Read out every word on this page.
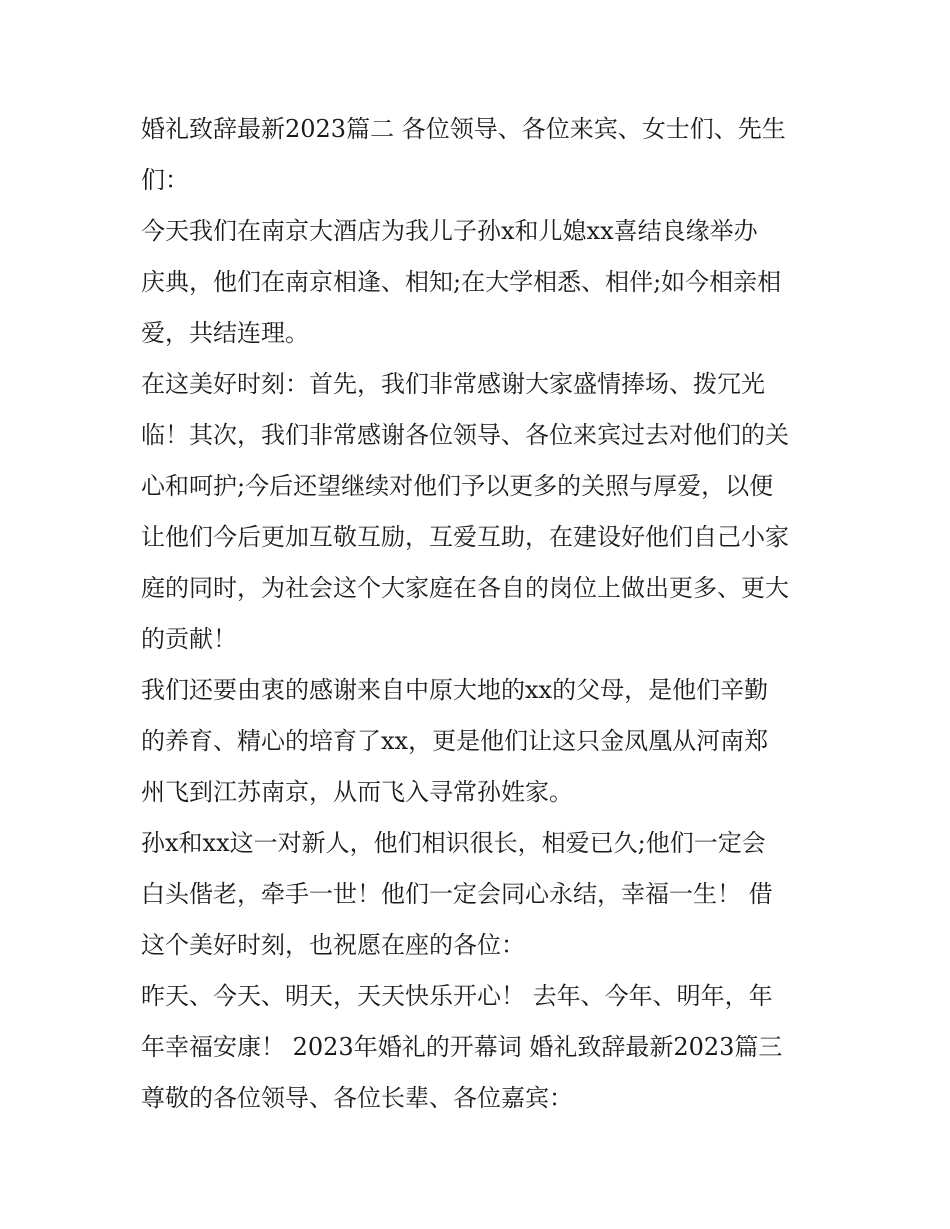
婚礼致辞最新2023篇二 各位领导、各位来宾、女士们、先生
们：
今天我们在南京大酒店为我儿子孙x和儿媳xx喜结良缘举办
庆典，他们在南京相逢、相知;在大学相悉、相伴;如今相亲相
爱，共结连理。
在这美好时刻：首先，我们非常感谢大家盛情捧场、拨冗光
临！其次，我们非常感谢各位领导、各位来宾过去对他们的关
心和呵护;今后还望继续对他们予以更多的关照与厚爱，以便
让他们今后更加互敬互励，互爱互助，在建设好他们自己小家
庭的同时，为社会这个大家庭在各自的岗位上做出更多、更大
的贡献！
我们还要由衷的感谢来自中原大地的xx的父母，是他们辛勤
的养育、精心的培育了xx，更是他们让这只金凤凰从河南郑
州飞到江苏南京，从而飞入寻常孙姓家。
孙x和xx这一对新人，他们相识很长，相爱已久;他们一定会
白头偕老，牵手一世！他们一定会同心永结，幸福一生！ 借
这个美好时刻，也祝愿在座的各位：
昨天、今天、明天，天天快乐开心！ 去年、今年、明年，年
年幸福安康！ 2023年婚礼的开幕词 婚礼致辞最新2023篇三
尊敬的各位领导、各位长辈、各位嘉宾：
